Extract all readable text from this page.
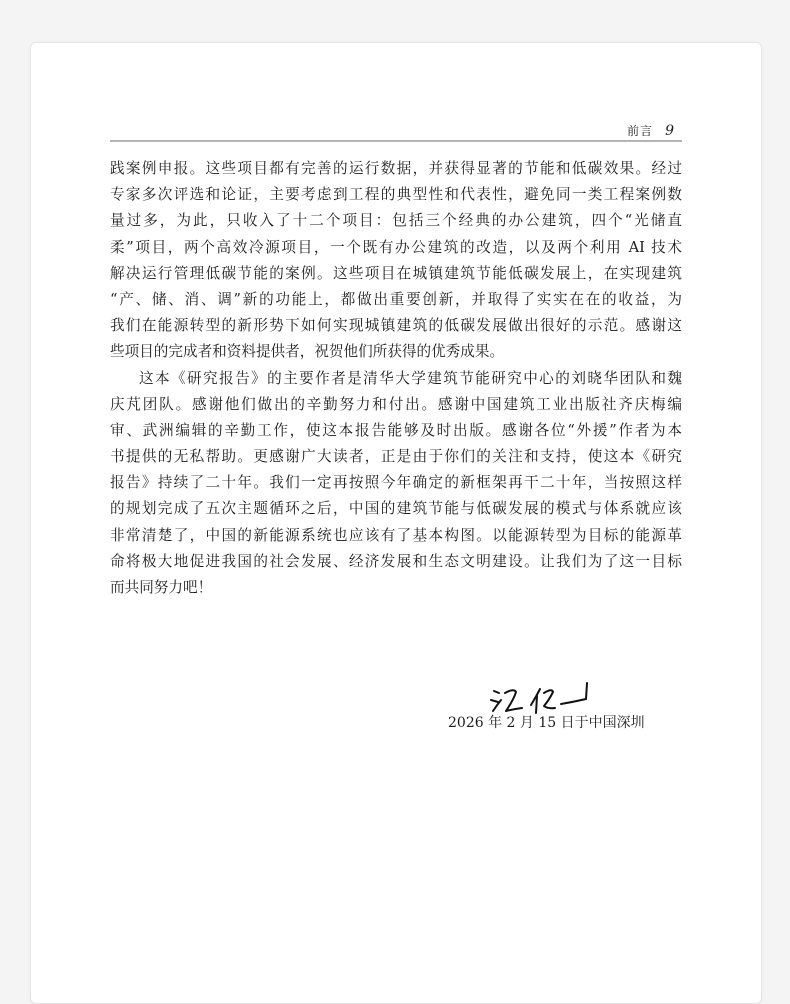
前言 9
践案例申报。这些项目都有完善的运行数据，并获得显著的节能和低碳效果。经过
专家多次评选和论证，主要考虑到工程的典型性和代表性，避免同一类工程案例数
量过多，为此，只收入了十二个项目：包括三个经典的办公建筑，四个“光储直
柔”项目，两个高效冷源项目，一个既有办公建筑的改造，以及两个利用 AI 技术
解决运行管理低碳节能的案例。这些项目在城镇建筑节能低碳发展上，在实现建筑
“产、储、消、调”新的功能上，都做出重要创新，并取得了实实在在的收益，为
我们在能源转型的新形势下如何实现城镇建筑的低碳发展做出很好的示范。感谢这
些项目的完成者和资料提供者，祝贺他们所获得的优秀成果。
这本《研究报告》的主要作者是清华大学建筑节能研究中心的刘晓华团队和魏
庆芃团队。感谢他们做出的辛勤努力和付出。感谢中国建筑工业出版社齐庆梅编
审、武洲编辑的辛勤工作，使这本报告能够及时出版。感谢各位“外援”作者为本
书提供的无私帮助。更感谢广大读者，正是由于你们的关注和支持，使这本《研究
报告》持续了二十年。我们一定再按照今年确定的新框架再干二十年，当按照这样
的规划完成了五次主题循环之后，中国的建筑节能与低碳发展的模式与体系就应该
非常清楚了，中国的新能源系统也应该有了基本构图。以能源转型为目标的能源革
命将极大地促进我国的社会发展、经济发展和生态文明建设。让我们为了这一目标
而共同努力吧！
2026 年 2 月 15 日于中国深圳
